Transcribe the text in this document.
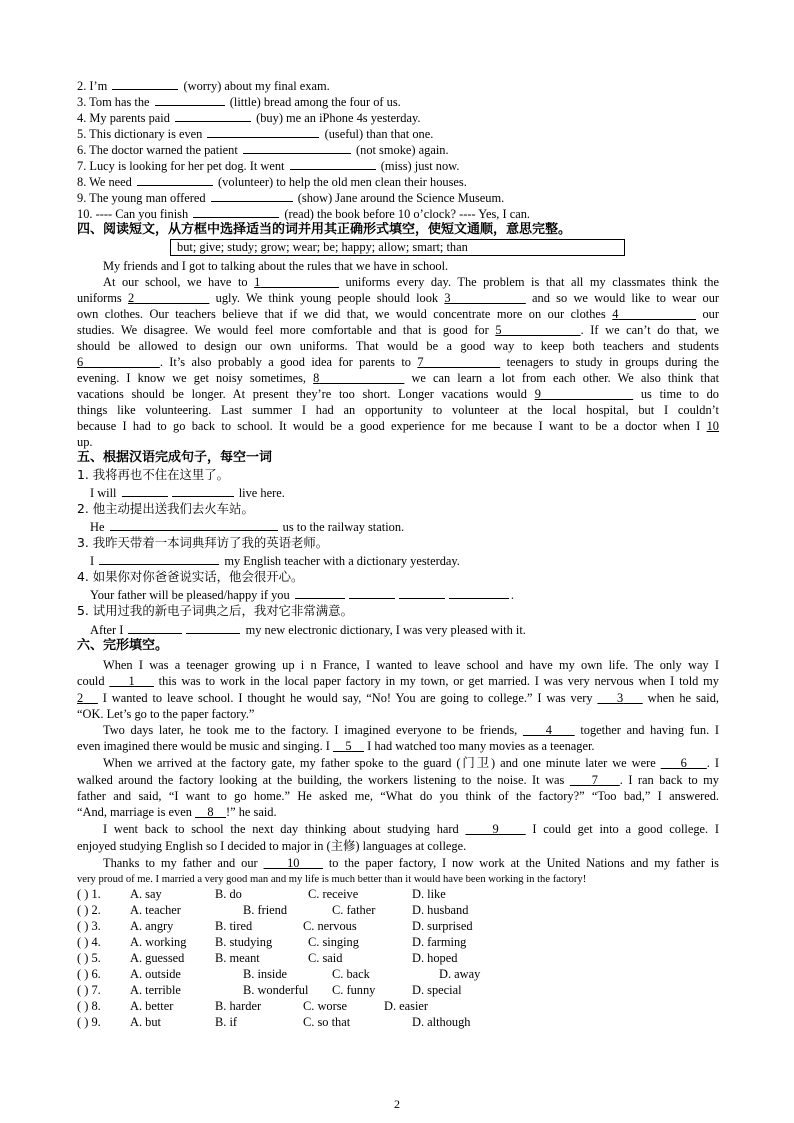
2. I’m	(worry) about my final exam.
3. Tom has the	(little) bread among the four of us.
4. My parents paid	(buy) me an iPhone 4s yesterday.
5. This dictionary is even	(useful) than that one.
6. The doctor warned the patient	(not smoke) again.
7. Lucy is looking for her pet dog. It went	(miss) just now.
8. We need	(volunteer) to help the old men clean their houses.
9. The young man offered	(show) Jane around the Science Museum.
10. ---- Can you finish	(read) the book before 10 o’clock? ---- Yes, I can.
四、阅读短文，从方框中选择适当的词并用其正确形式填空，使短文通顺，意思完整。
but; give; study; grow; wear; be; happy; allow; smart; than
My friends and I got to talking about the rules that we have in school.
At our school, we have to 1	uniforms every day. The problem is that all my classmates think the
uniforms 2	ugly. We think young people should look 3	and so we would like to wear our
own clothes. Our teachers believe that if we did that, we would concentrate more on our clothes 4	our
studies. We disagree. We would feel more comfortable and that is good for 5	. If we can’t do that, we
should be allowed to design our own uniforms. That would be a good way to keep both teachers and students
6	. It’s also probably a good idea for parents to 7	teenagers to study in groups during the
evening. I know we get noisy sometimes, 8	we can learn a lot from each other. We also think that
vacations should be longer. At present they’re too short. Longer vacations would 9	us time to do
things like volunteering. Last summer I had an opportunity to volunteer at the local hospital, but I couldn’t
because I had to go back to school. It would be a good experience for me because I want to be a doctor when I 10
up.
五、根据汉语完成句子，每空一词
1. 我将再也不住在这里了。
I will	live here.
2. 他主动提出送我们去火车站。
He	us to the railway station.
3. 我昨天带着一本词典拜访了我的英语老师。
I	my English teacher with a dictionary yesterday.
4. 如果你对你爸爸说实话，他会很开心。
Your father will be pleased/happy if you	.
5. 试用过我的新电子词典之后，我对它非常满意。
After I	my new electronic dictionary, I was very pleased with it.
六、完形填空。
When I was a teenager growing up i n France, I wanted to leave school and have my own life. The only way I
could     1     this was to work in the local paper factory in my town, or get married. I was very nervous when I told my
2    I wanted to leave school. I thought he would say, “No! You are going to college.” I was very     3     when he said,
“OK. Let’s go to the paper factory.”
Two days later, he took me to the factory. I imagined everyone to be friends,     4     together and having fun. I
even imagined there would be music and singing. I     5     I had watched too many movies as a teenager.
When we arrived at the factory gate, my father spoke to the guard (门卫) and one minute later we were     6 . I
walked around the factory looking at the building, the workers listening to the noise. It was     7 . I ran back to my
father and said, “I want to go home.” He asked me, “What do you think of the factory?” “Too bad,” I answered.
“And, marriage is even     8 !” he said.
I went back to school the next day thinking about studying hard     9     I could get into a good college. I
enjoyed studying English so I decided to major in (主修) languages at college.
Thanks to my father and our     10     to the paper factory, I now work at the United Nations and my father is
very proud of me. I married a very good man and my life is much better than it would have been working in the factory!
( ) 1. A. say	B. do	C. receive	D. like
( ) 2. A. teacher	B. friend	C. father	D. husband
( ) 3. A. angry	B. tired	C. nervous	D. surprised
( ) 4. A. working B. studying	C. singing	D. farming
( ) 5. A. guessed B. meant	C. said	D. hoped
( ) 6. A. outside	B. inside	C. back	D. away
( ) 7. A. terrible	B. wonderful C. funny	D. special
( ) 8. A. better	B. harder	C. worse	D. easier
( ) 9. A. but	B. if	C. so that	D. although
2
